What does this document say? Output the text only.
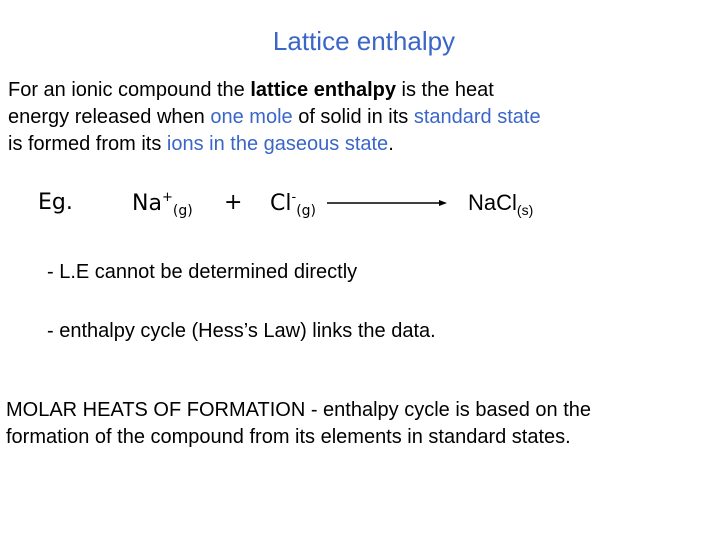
Lattice enthalpy
For an ionic compound the lattice enthalpy is the heat
energy released when one mole of solid in its standard state
is formed from its ions in the gaseous state.
Eg.	$Na^+_{(g)} + Cl^-_{(g)}$	NaCl$_{(s)}$
- L.E cannot be determined directly
- enthalpy cycle (Hess’s Law) links the data.
MOLAR HEATS OF FORMATION - enthalpy cycle is based on the
formation of the compound from its elements in standard states.
